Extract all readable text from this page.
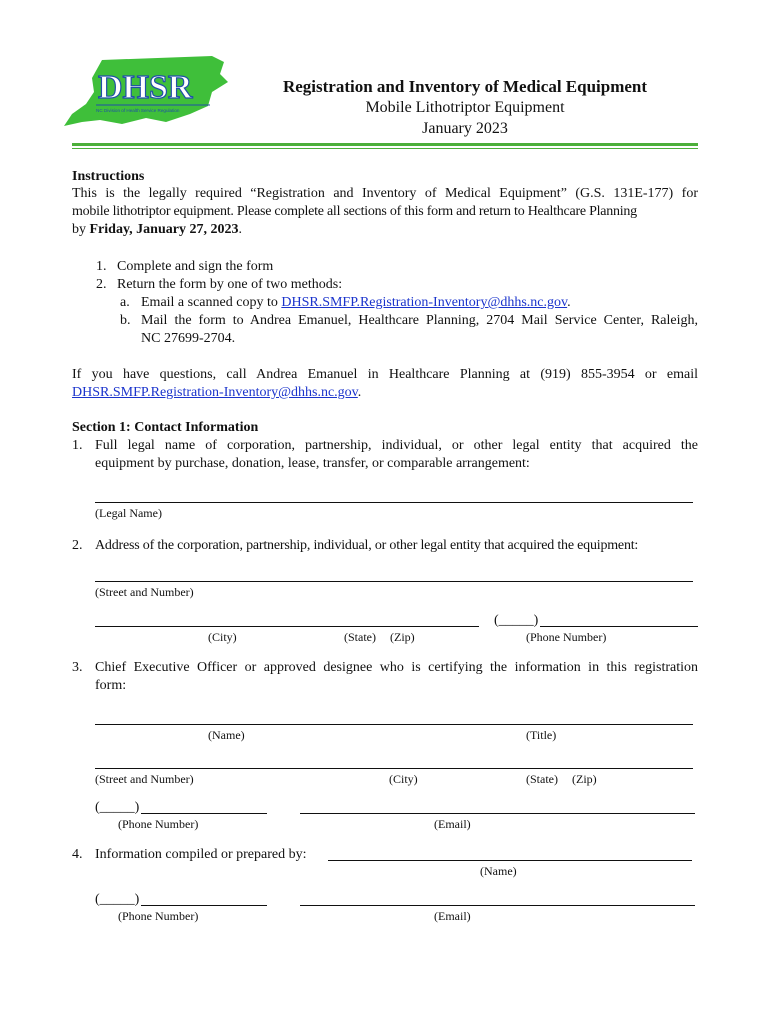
DHSR
NC Division of Health Service Regulation
Registration and Inventory of Medical Equipment
Mobile Lithotriptor Equipment
January 2023
Instructions
This is the legally required “Registration and Inventory of Medical Equipment” (G.S. 131E-177) for
mobile lithotriptor equipment. Please complete all sections of this form and return to Healthcare Planning
by Friday, January 27, 2023.
1. Complete and sign the form
2. Return the form by one of two methods:
a. Email a scanned copy to DHSR.SMFP.Registration-Inventory@dhhs.nc.gov.
b. Mail the form to Andrea Emanuel, Healthcare Planning, 2704 Mail Service Center, Raleigh,
NC 27699-2704.
If you have questions, call Andrea Emanuel in Healthcare Planning at (919) 855-3954 or email
DHSR.SMFP.Registration-Inventory@dhhs.nc.gov.
Section 1: Contact Information
1. Full legal name of corporation, partnership, individual, or other legal entity that acquired the
equipment by purchase, donation, lease, transfer, or comparable arrangement:
(Legal Name)
2. Address of the corporation, partnership, individual, or other legal entity that acquired the equipment:
(Street and Number)
(City)	(State) (Zip)
(_____)
(Phone Number)
3. Chief Executive Officer or approved designee who is certifying the information in this registration
form:
(Name)	(Title)
(Street and Number)	(City)	(State) (Zip)
(_____)
(Phone Number)	(Email)
4. Information compiled or prepared by:
(Name)
(_____)
(Phone Number)	(Email)
